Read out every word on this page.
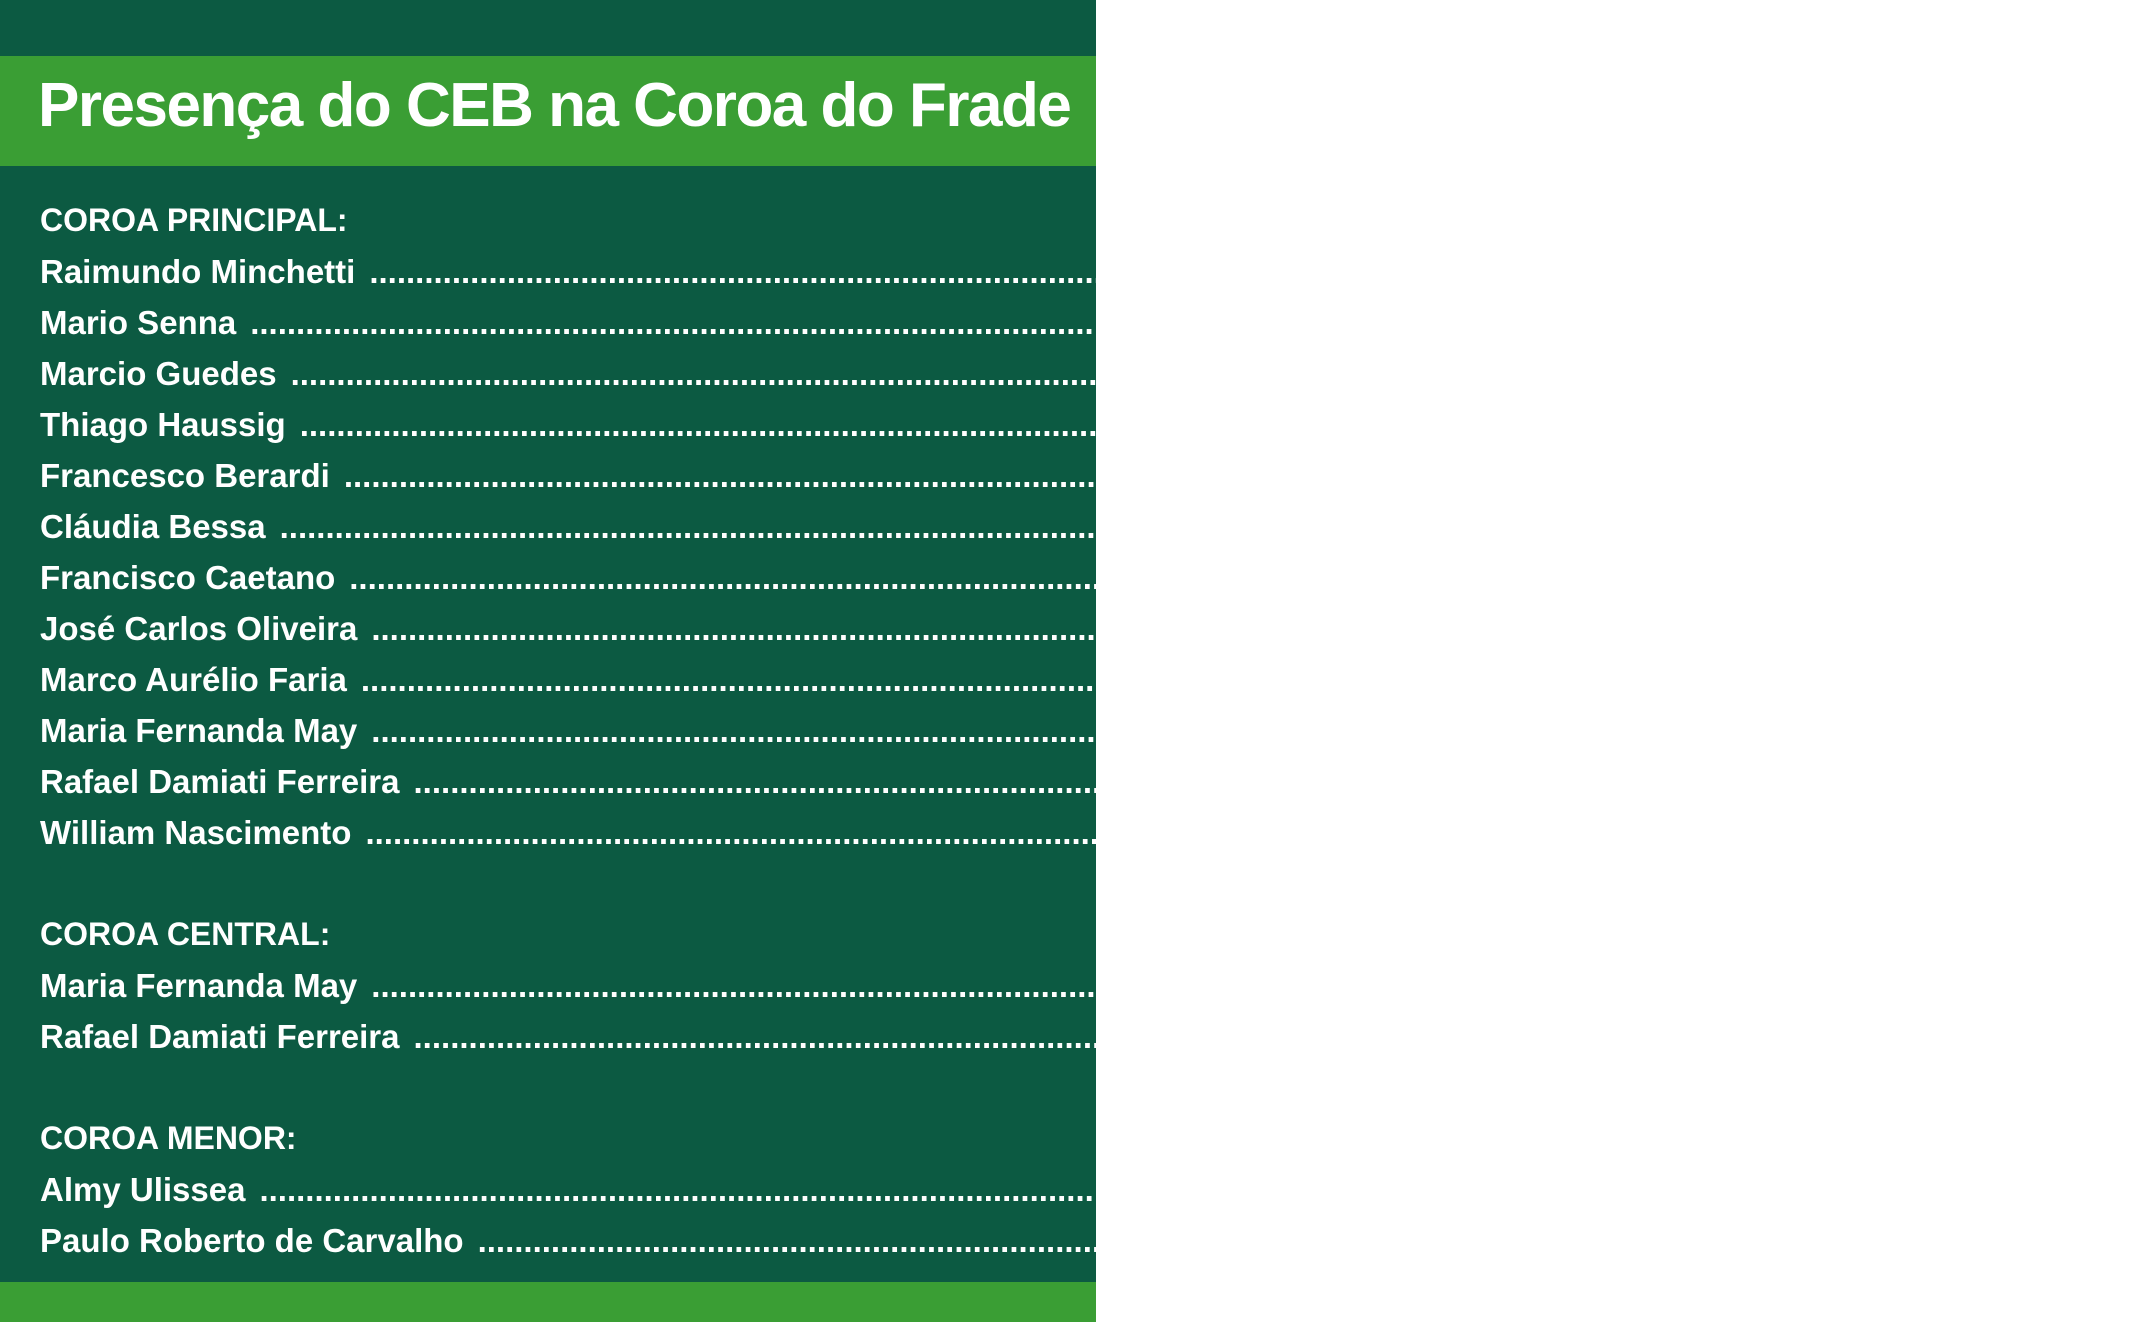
Presença do CEB na Coroa do Frade
COROA PRINCIPAL:
Raimundo Minchetti ................................................................................................................................................................ (03/05/1980)
Mario Senna ................................................................................................................................................................ (03/05/1980)
Marcio Guedes ................................................................................................................................................................ (07/07/2007)
Thiago Haussig ................................................................................................................................................................ (07/07/2007)
Francesco Berardi ................................................................................................................................................................ (08/09/2007)
Cláudia Bessa ................................................................................................................................................................ (08/09/2007)
Francisco Caetano ................................................................................................................................................................ (08/09/2007)
José Carlos Oliveira ................................................................................................................................................................ (08/09/2007)
Marco Aurélio Faria ................................................................................................................................................................ (08/09/2007)
Maria Fernanda May ................................................................................................................................................................ (13/07/2019)
Rafael Damiati Ferreira ................................................................................................................................................................ (13/07/2019)
William Nascimento ................................................................................................................................................................ (13/07/2019)
COROA CENTRAL:
Maria Fernanda May ................................................................................................................................................................ (13/07/2019)
Rafael Damiati Ferreira ................................................................................................................................................................ (13/07/2019)
COROA MENOR:
Almy Ulissea ................................................................................................................................................................ (27/11/1940)
Paulo Roberto de Carvalho ................................................................................................................................................................ (27/11/1940)
